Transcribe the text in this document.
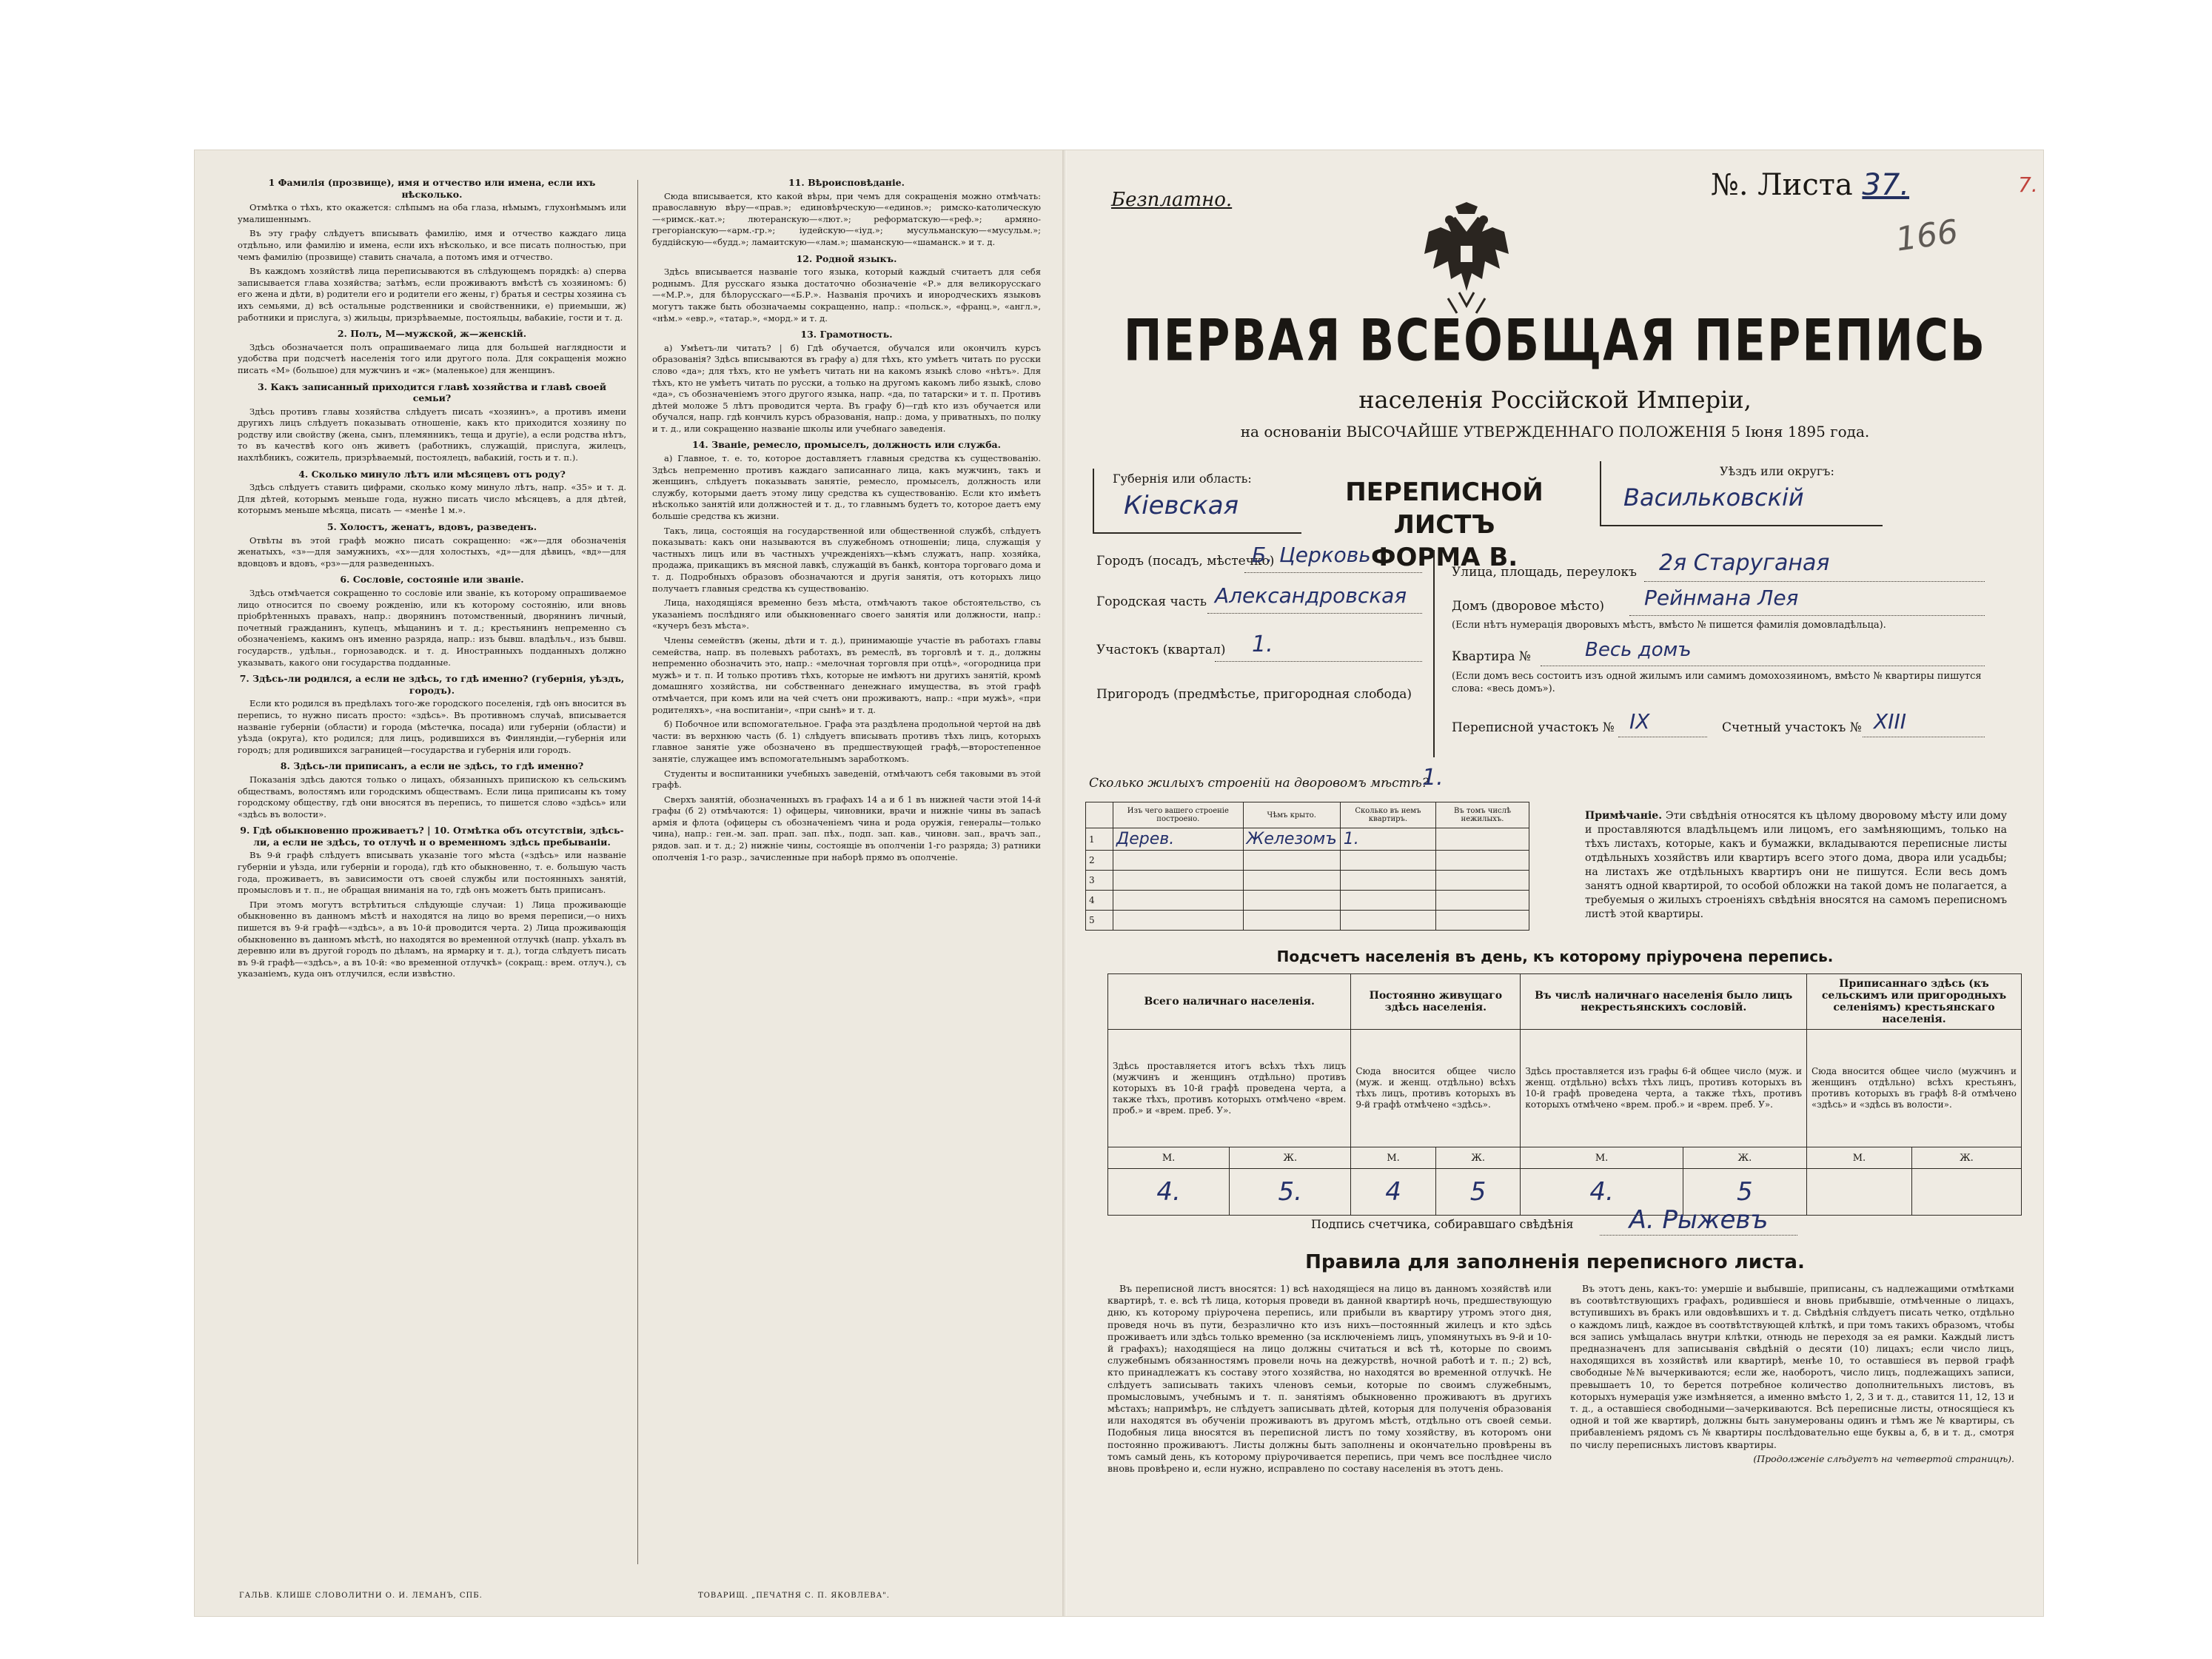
1 Фамилія (прозвище), имя и отчество или имена, если ихъ нѣсколько.

Отмѣтка о тѣхъ, кто окажется: слѣпымъ на оба глаза, нѣмымъ, глухонѣмымъ или умалишеннымъ.

Въ эту графу слѣдуетъ вписывать фамилію, имя и отчество каждаго лица отдѣльно, или фамилію и имена, если ихъ нѣсколько, и все писать полностью, при чемъ фамилію (прозвище) ставить сначала, а потомъ имя и отчество.

Въ каждомъ хозяйствѣ лица переписываются въ слѣдующемъ порядкѣ: а) сперва записывается глава хозяйства; затѣмъ, если проживаютъ вмѣстѣ съ хозяиномъ: б) его жена и дѣти, в) родители его и родители его жены, г) братья и сестры хозяина съ ихъ семьями, д) всѣ остальные родственники и свойственники, е) приемыши, ж) работники и прислуга, з) жильцы, призрѣваемые, постояльцы, вабакиіе, гости и т. д.

2. Полъ, М—мужской, ж—женскій.

Здѣсь обозначается полъ опрашиваемаго лица для большей наглядности и удобства при подсчетѣ населенія того или другого пола. Для сокращенія можно писать «М» (большое) для мужчинъ и «ж» (маленькое) для женщинъ.

3. Какъ записанный приходится главѣ хозяйства и главѣ своей семьи?

Здѣсь противъ главы хозяйства слѣдуетъ писать «хозяинъ», а противъ имени другихъ лицъ слѣдуетъ показывать отношеніе, какъ кто приходится хозяину по родству или свойству (жена, сынъ, племянникъ, теща и другіе), а если родства нѣтъ, то въ качествѣ кого онъ живетъ (работникъ, служащій, прислуга, жилецъ, нахлѣбникъ, сожитель, призрѣваемый, постоялецъ, вабакиій, гость и т. п.).

4. Сколько минуло лѣтъ или мѣсяцевъ отъ роду?

Здѣсь слѣдуетъ ставить цифрами, сколько кому минуло лѣтъ, напр. «35» и т. д. Для дѣтей, которымъ меньше года, нужно писать число мѣсяцевъ, а для дѣтей, которымъ меньше мѣсяца, писать — «менѣе 1 м.».

5. Холостъ, женатъ, вдовъ, разведенъ.

Отвѣты въ этой графѣ можно писать сокращенно: «ж»—для обозначенія женатыхъ, «з»—для замужнихъ, «х»—для холостыхъ, «д»—для дѣвицъ, «вд»—для вдовцовъ и вдовъ, «рз»—для разведенныхъ.

6. Сословіе, состояніе или званіе.

Здѣсь отмѣчается сокращенно то сословіе или званіе, къ которому опрашиваемое лицо относится по своему рожденію, или къ которому состоянію, или вновь пріобрѣтенныхъ правахъ, напр.: дворянинъ потомственный, дворянинъ личный, почетный гражданинъ, купецъ, мѣщанинъ и т. д.; крестьянинъ непременно съ обозначеніемъ, какимъ онъ именно разряда, напр.: изъ бывш. владѣльч., изъ бывш. государств., удѣльн., горнозаводск. и т. д. Иностранныхъ подданныхъ должно указывать, какого они государства подданные.

7. Здѣсь-ли родился, а если не здѣсь, то гдѣ именно? (губернія, уѣздъ, городъ).

Если кто родился въ предѣлахъ того-же городского поселенія, гдѣ онъ вносится въ перепись, то нужно писать просто: «здѣсь». Въ противномъ случаѣ, вписывается названіе губерніи (области) и города (мѣстечка, посада) или губерніи (области) и уѣзда (округа), кто родился; для лицъ, родившихся въ Финляндіи,—губернія или городъ; для родившихся заграницей—государства и губернія или городъ.

8. Здѣсь-ли приписанъ, а если не здѣсь, то гдѣ именно?

Показанія здѣсь даются только о лицахъ, обязанныхъ припискою къ сельскимъ обществамъ, волостямъ или городскимъ обществамъ. Если лица приписаны къ тому городскому обществу, гдѣ они вносятся въ перепись, то пишется слово «здѣсь» или «здѣсь въ волости».

9. Гдѣ обыкновенно проживаетъ? | 10. Отмѣтка объ отсутствіи, здѣсь-ли, а если не здѣсь, то отлучѣ н о временномъ здѣсь пребываніи.

Въ 9-й графѣ слѣдуетъ вписывать указаніе того мѣста («здѣсь» или названіе губерніи и уѣзда, или губерніи и города), гдѣ кто обыкновенно, т. е. большую часть года, проживаетъ, въ зависимости отъ своей службы или постоянныхъ занятій, промысловъ и т. п., не обращая вниманія на то, гдѣ онъ можетъ быть приписанъ.

При этомъ могутъ встрѣтиться слѣдующіе случаи: 1) Лица проживающіе обыкновенно въ данномъ мѣстѣ и находятся на лицо во время переписи,—о нихъ пишется въ 9-й графѣ—«здѣсь», а въ 10-й проводится черта. 2) Лица проживающія обыкновенно въ данномъ мѣстѣ, но находятся во временной отлучкѣ (напр. уѣхалъ въ деревню или въ другой городъ по дѣламъ, на ярмарку и т. д.), тогда слѣдуетъ писать въ 9-й графѣ—«здѣсь», а въ 10-й: «во временной отлучкѣ» (сокращ.: врем. отлуч.), съ указаніемъ, куда онъ отлучился, если извѣстно.

11. Вѣроисповѣданіе.

Сюда вписывается, кто какой вѣры, при чемъ для сокращенія можно отмѣчать: православную вѣру—«прав.»; единовѣрческую—«единов.»; римско-католическую—«римск.-кат.»; лютеранскую—«лют.»; реформатскую—«реф.»; армяно-грегоріанскую—«арм.-гр.»; іудейскую—«іуд.»; мусульманскую—«мусульм.»; буддійскую—«будд.»; ламаитскую—«лам.»; шаманскую—«шаманск.» и т. д.

12. Родной языкъ.

Здѣсь вписывается названіе того языка, который каждый считаетъ для себя роднымъ. Для русскаго языка достаточно обозначеніе «Р.» для великорусскаго—«М.Р.», для бѣлорусскаго—«Б.Р.». Названія прочихъ и инородческихъ языковъ могутъ также быть обозначаемы сокращенно, напр.: «польск.», «франц.», «англ.», «нѣм.» «евр.», «татар.», «морд.» и т. д.

13. Грамотность.

а) Умѣетъ-ли читать? | б) Гдѣ обучается, обучался или окончилъ курсъ образованія? Здѣсь вписываются въ графу а) для тѣхъ, кто умѣетъ читать по русски слово «да»; для тѣхъ, кто не умѣетъ читать ни на какомъ языкѣ слово «нѣтъ». Для тѣхъ, кто не умѣетъ читать по русски, а только на другомъ какомъ либо языкѣ, слово «да», съ обозначеніемъ этого другого языка, напр. «да, по татарски» и т. п. Противъ дѣтей моложе 5 лѣтъ проводится черта. Въ графу б)—гдѣ кто изъ обучается или обучался, напр. гдѣ кончилъ курсъ образованія, напр.: дома, у приватныхъ, по полку и т. д., или сокращенно названіе школы или учебнаго заведенія.

14. Званіе, ремесло, промыселъ, должность или служба.

а) Главное, т. е. то, которое доставляетъ главныя средства къ существованію. Здѣсь непременно противъ каждаго записаннаго лица, какъ мужчинъ, такъ и женщинъ, слѣдуетъ показывать занятіе, ремесло, промыселъ, должность или службу, которыми даетъ этому лицу средства къ существованію. Если кто имѣетъ нѣсколько занятій или должностей и т. д., то главнымъ будетъ то, которое даетъ ему большіе средства къ жизни.

Такъ, лица, состоящія на государственной или общественной службѣ, слѣдуетъ показывать: какъ они называются въ служебномъ отношеніи; лица, служащія у частныхъ лицъ или въ частныхъ учрежденіяхъ—кѣмъ служатъ, напр. хозяйка, продажа, прикащикъ въ мясной лавкѣ, служащій въ банкѣ, контора торговаго дома и т. д. Подробныхъ образовъ обозначаются и другія занятія, отъ которыхъ лицо получаетъ главныя средства къ существованію.

Лица, находящіяся временно безъ мѣста, отмѣчаютъ такое обстоятельство, съ указаніемъ послѣдняго или обыкновеннаго своего занятія или должности, напр.: «кучеръ безъ мѣста».

Члены семействъ (жены, дѣти и т. д.), принимающіе участіе въ работахъ главы семейства, напр. въ полевыхъ работахъ, въ ремеслѣ, въ торговлѣ и т. д., должны непременно обозначить это, напр.: «мелочная торговля при отцѣ», «огородница при мужѣ» и т. п. И только противъ тѣхъ, которые не имѣютъ ни другихъ занятій, кромѣ домашняго хозяйства, ни собственнаго денежнаго имущества, въ этой графѣ отмѣчается, при комъ или на чей счетъ они проживаютъ, напр.: «при мужѣ», «при родителяхъ», «на воспитаніи», «при сынѣ» и т. д.

б) Побочное или вспомогательное. Графа эта раздѣлена продольной чертой на двѣ части: въ верхнюю часть (б. 1) слѣдуетъ вписывать противъ тѣхъ лицъ, которыхъ главное занятіе уже обозначено въ предшествующей графѣ,—второстепенное занятіе, служащее имъ вспомогательнымъ заработкомъ.

Студенты и воспитанники учебныхъ заведеній, отмѣчаютъ себя таковыми въ этой графѣ.

Сверхъ занятій, обозначенныхъ въ графахъ 14 а и б 1 въ нижней части этой 14-й графы (б 2) отмѣчаются: 1) офицеры, чиновники, врачи и нижніе чины въ запасѣ армія и флота (офицеры съ обозначеніемъ чина и рода оружія, генералы—только чина), напр.: ген.-м. зап. прап. зап. пѣх., подп. зап. кав., чиновн. зап., врачъ зап., рядов. зап. и т. д.; 2) нижніе чины, состоящіе въ ополченіи 1-го разряда; 3) ратники ополченія 1-го разр., зачисленные при наборѣ прямо въ ополченіе.

ГАЛЬВ. КЛИШЕ СЛОВОЛИТНИ О. И. ЛЕМАНЪ, СПБ.	ТОВАРИЩ. „ПЕЧАТНЯ С. П. ЯКОВЛЕВА".
Безплатно.	№. Листа 37.	7.
166
ПЕРВАЯ ВСЕОБЩАЯ ПЕРЕПИСЬ
населенія Россійской Имперіи,
на основаніи ВЫСОЧАЙШЕ УТВЕРЖДЕННАГО ПОЛОЖЕНІЯ 5 Іюня 1895 года.
Губернія или область:
Кіевская	ПЕРЕПИСНОЙ ЛИСТЪ
ФОРМА В.
Уѣздъ или округъ:
Васильковскій
Городъ (посадъ, мѣстечко)
Б. Церковь
Городская часть Александровская
Участокъ (квартал) 1.
Пригородъ (предмѣстье, пригородная слобода)
Улица, площадь, переулокъ 2я Старуганая
Домъ (дворовое мѣсто) Рейнмана Лея
(Если нѣтъ нумерація дворовыхъ мѣстъ, вмѣсто № пишется фамилія домовладѣльца).
Квартира №	Весь домъ
(Если домъ весь состоитъ изъ одной жилымъ или самимъ домохозяиномъ, вмѣсто № квартиры пишутся слова: «весь домъ»).
Переписной участокъ № IX	Счетный участокъ № XIII
Сколько жилыхъ строеній на дворовомъ мѣстѣ?
1.
	Изъ чего вашего строеніе построено.	Чѣмъ крыто.	Сколько въ немъ квартиръ.	Въ томъ числѣ нежилыхъ.
1	Дерев.	Железомъ	1.	
2				
3				
4				
5				
Примѣчаніе. Эти свѣдѣнія относятся къ цѣлому дворовому мѣсту или дому и проставляются владѣльцемъ или лицомъ, его замѣняющимъ, только на тѣхъ листахъ, которые, какъ и бумажки, вкладываются переписные листы отдѣльныхъ хозяйствъ или квартиръ всего этого дома, двора или усадьбы; на листахъ же отдѣльныхъ квартиръ они не пишутся. Если весь домъ занятъ одной квартирой, то особой обложки на такой домъ не полагается, а требуемыя о жилыхъ строеніяхъ свѣдѣнія вносятся на самомъ переписномъ листѣ этой квартиры.
Подсчетъ населенія въ день, къ которому пріурочена перепись.
Всего наличнаго населенія.		Постоянно живущаго здѣсь населенія.		Въ числѣ наличнаго населенія было лицъ некрестьянскихъ сословій.		Приписаннаго здѣсь (къ сельскимъ или пригородныхъ селеніямъ) крестьянскаго населенія.	
Здѣсь проставляется итогъ всѣхъ тѣхъ лицъ (мужчинъ и женщинъ отдѣльно) противъ которыхъ въ 10-й графѣ проведена черта, а также тѣхъ, противъ которыхъ отмѣчено «врем. проб.» и «врем. преб. У».		Сюда вносится общее число (муж. и женщ. отдѣльно) всѣхъ тѣхъ лицъ, противъ которыхъ въ 9-й графѣ отмѣчено «здѣсь».		Здѣсь проставляется изъ графы 6-й общее число (муж. и женщ. отдѣльно) всѣхъ тѣхъ лицъ, противъ которыхъ въ 10-й графѣ проведена черта, а также тѣхъ, противъ которыхъ отмѣчено «врем. проб.» и «врем. преб. У».		Сюда вносится общее число (мужчинъ и женщинъ отдѣльно) всѣхъ крестьянъ, противъ которыхъ въ графѣ 8-й отмѣчено «здѣсь» и «здѣсь въ волости».	
М.	Ж.	М.	Ж.	М.	Ж.	М.	Ж.
4.	5.	4	5	4.	5		
Подпись счетчика, собиравшаго свѣдѣнія А. Рыжевъ
Правила для заполненія переписного листа.

Въ переписной листъ вносятся: 1) всѣ находящіеся на лицо въ данномъ хозяйствѣ или квартирѣ, т. е. всѣ тѣ лица, которыя проведи въ данной квартирѣ ночь, предшествующую дню, къ которому пріурочена перепись, или прибыли въ квартиру утромъ этого дня, проведя ночь въ пути, безразлично кто изъ нихъ—постоянный жилецъ и кто здѣсь проживаетъ или здѣсь только временно (за исключеніемъ лицъ, упомянутыхъ въ 9-й и 10-й графахъ); находящіеся на лицо должны считаться и всѣ тѣ, которые по своимъ служебнымъ обязанностямъ провели ночь на дежурствѣ, ночной работѣ и т. п.; 2) всѣ, кто принадлежатъ къ составу этого хозяйства, но находятся во временной отлучкѣ. Не слѣдуетъ записывать такихъ членовъ семьи, которые по своимъ служебнымъ, промысловымъ, учебнымъ и т. п. занятіямъ обыкновенно проживаютъ въ другихъ мѣстахъ; напримѣръ, не слѣдуетъ записывать дѣтей, которыя для полученія образованія или находятся въ обученіи проживаютъ въ другомъ мѣстѣ, отдѣльно отъ своей семьи. Подобныя лица вносятся въ переписной листъ по тому хозяйству, въ которомъ они постоянно проживаютъ. Листы должны быть заполнены и окончательно провѣрены въ томъ самый день, къ которому пріурочивается перепись, при чемъ все послѣднее число вновь провѣрено и, если нужно, исправлено по составу населенія въ этотъ день.

Въ этотъ день, какъ-то: умершіе и выбывшіе, приписаны, съ надлежащими отмѣтками въ соотвѣтствующихъ графахъ, родившіеся и вновь прибывшіе, отмѣченные о лицахъ, вступившихъ въ бракъ или овдовѣвшихъ и т. д. Свѣдѣнія слѣдуетъ писать четко, отдѣльно о каждомъ лицѣ, каждое въ соотвѣтствующей клѣткѣ, и при томъ такихъ образомъ, чтобы вся запись умѣщалась внутри клѣтки, отнюдь не переходя за ея рамки. Каждый листъ предназначенъ для записыванія свѣдѣній о десяти (10) лицахъ; если число лицъ, находящихся въ хозяйствѣ или квартирѣ, менѣе 10, то оставшіеся въ первой графѣ свободные №№ вычеркиваются; если же, наоборотъ, число лицъ, подлежащихъ записи, превышаетъ 10, то берется потребное количество дополнительныхъ листовъ, въ которыхъ нумерація уже измѣняется, а именно вмѣсто 1, 2, 3 и т. д., ставится 11, 12, 13 и т. д., а оставшіеся свободными—зачеркиваются. Всѣ переписные листы, относящіеся къ одной и той же квартирѣ, должны быть занумерованы одинъ и тѣмъ же № квартиры, съ прибавленіемъ рядомъ съ № квартиры послѣдовательно еще буквы а, б, в и т. д., смотря по числу переписныхъ листовъ квартиры.

(Продолженіе слѣдуетъ на четвертой страницѣ).
